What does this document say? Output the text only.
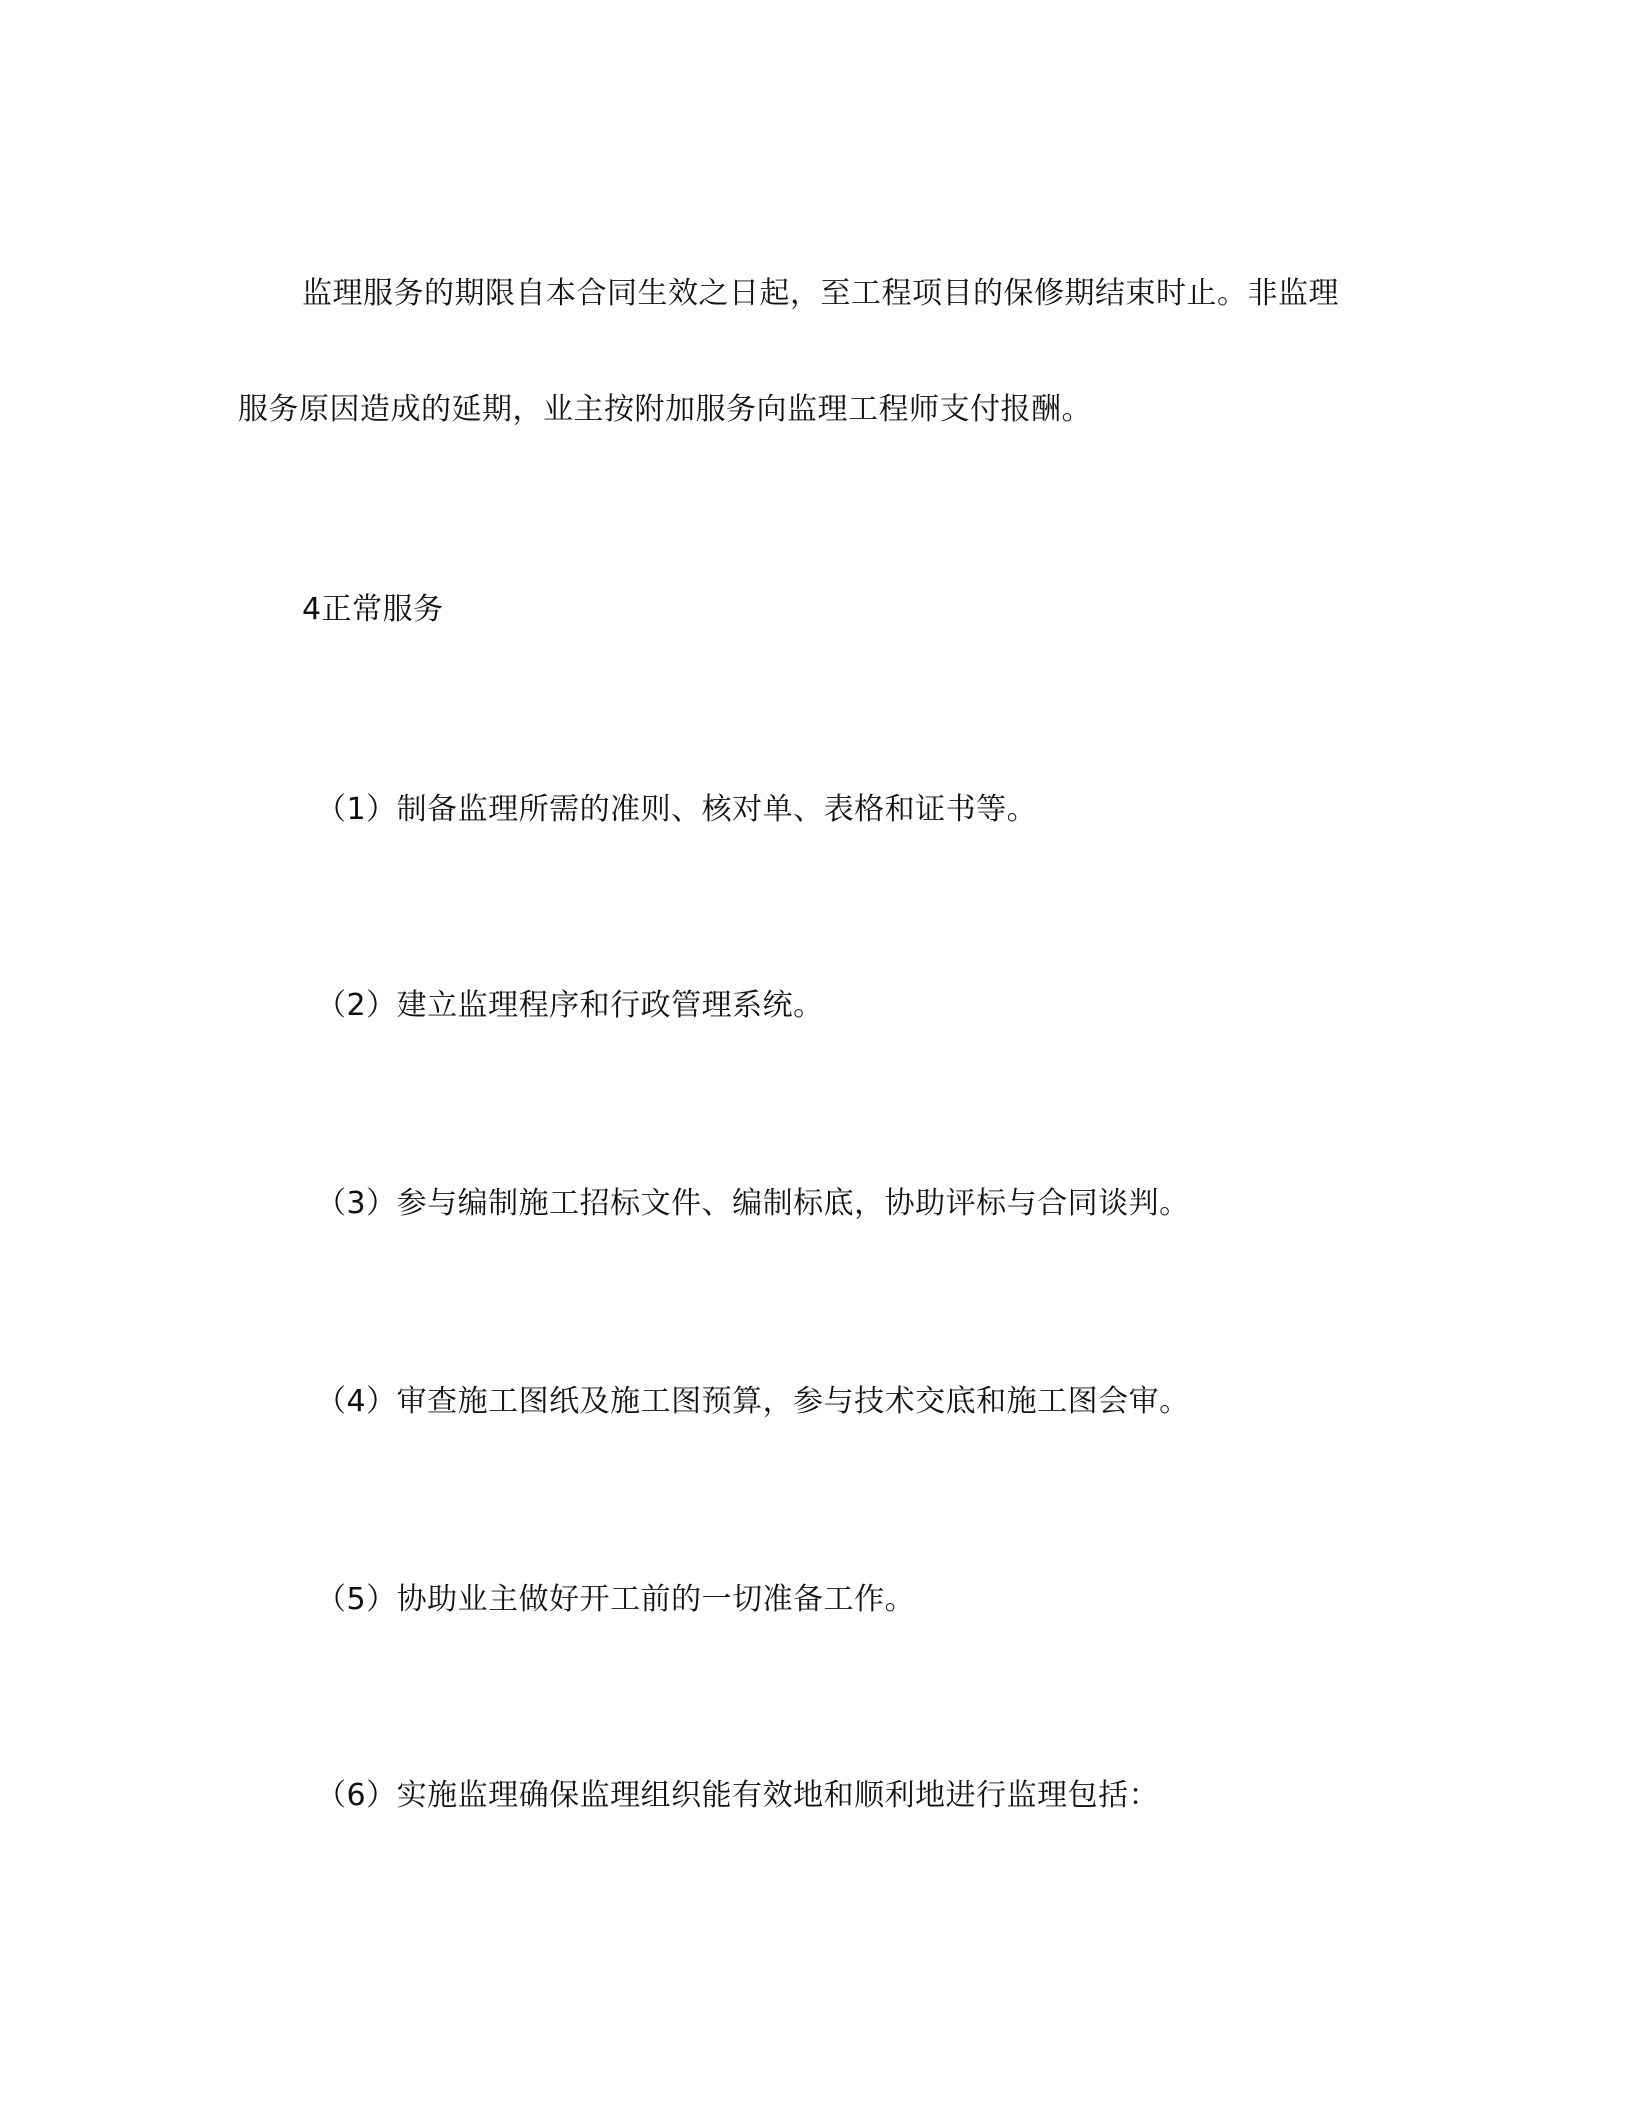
监理服务的期限自本合同生效之日起，至工程项目的保修期结束时止。非监理
服务原因造成的延期，业主按附加服务向监理工程师支付报酬。
4正常服务
（1）制备监理所需的准则、核对单、表格和证书等。
（2）建立监理程序和行政管理系统。
（3）参与编制施工招标文件、编制标底，协助评标与合同谈判。
（4）审查施工图纸及施工图预算，参与技术交底和施工图会审。
（5）协助业主做好开工前的一切准备工作。
（6）实施监理确保监理组织能有效地和顺利地进行监理包括：
